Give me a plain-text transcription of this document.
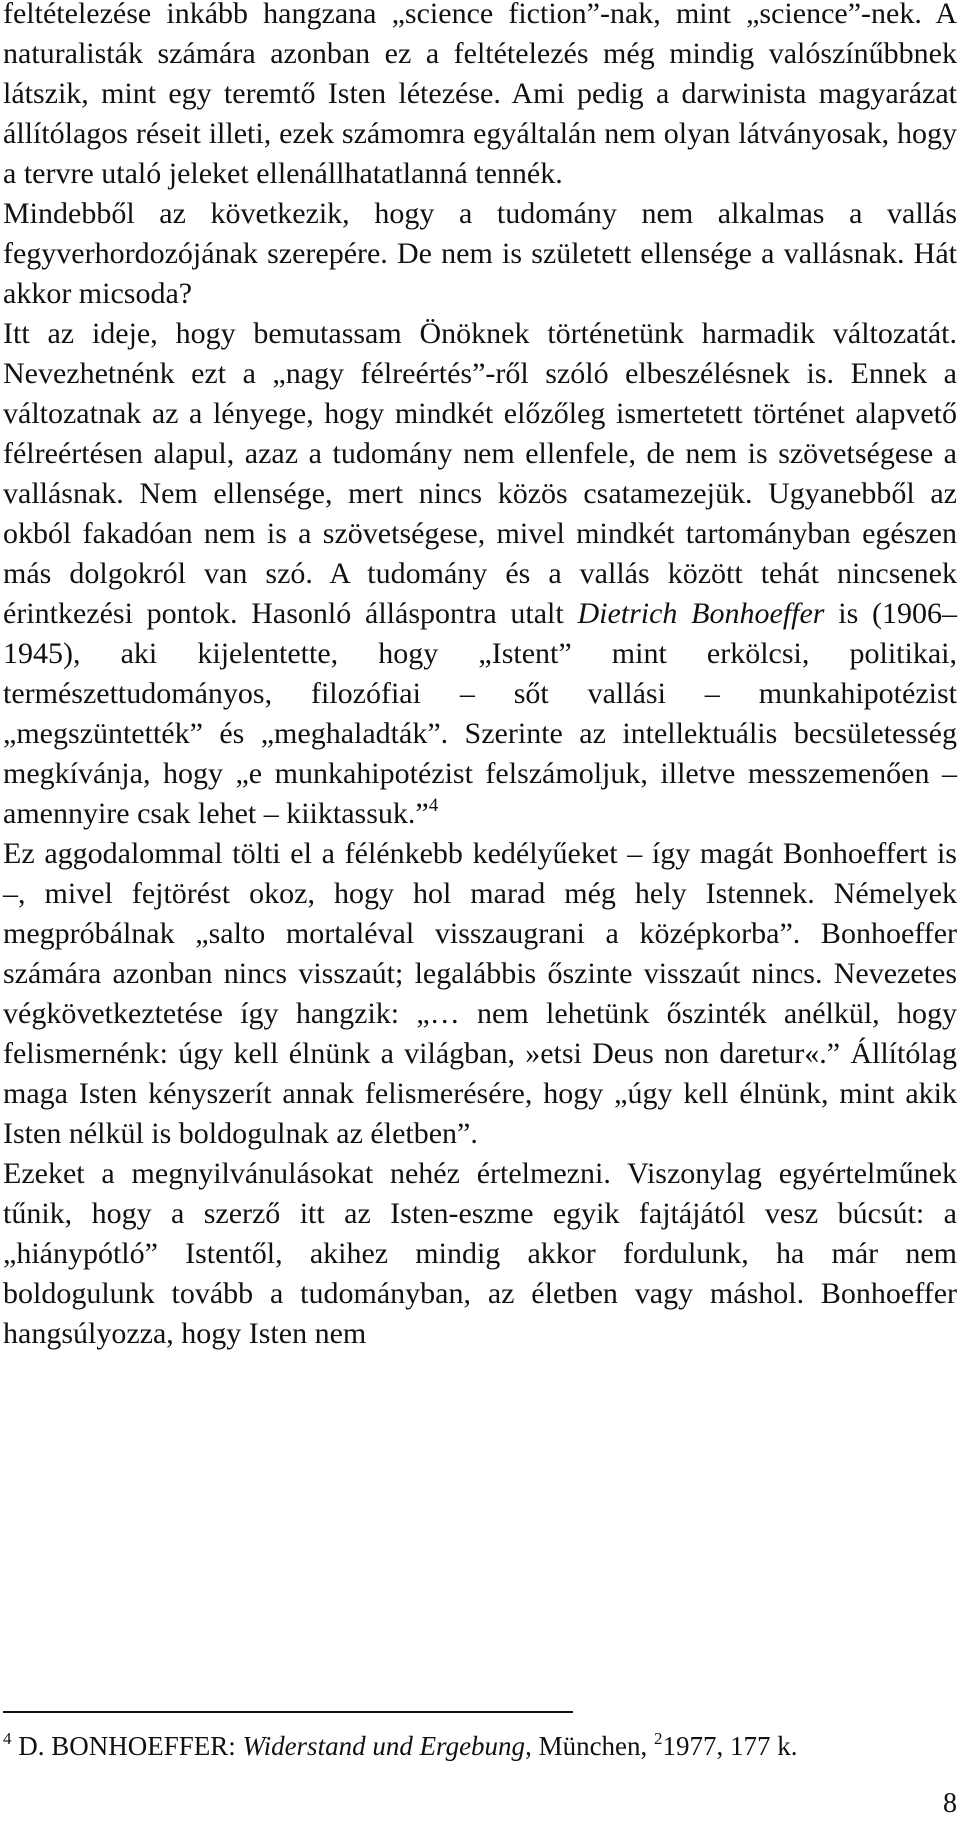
feltételezése inkább hangzana „science fiction”-nak, mint „science”-nek. A naturalisták számára azonban ez a feltételezés még mindig valószínűbbnek látszik, mint egy teremtő Isten létezése. Ami pedig a darwinista magyarázat állítólagos réseit illeti, ezek számomra egyáltalán nem olyan látványosak, hogy a tervre utaló jeleket ellenállhatatlanná tennék.

Mindebből az következik, hogy a tudomány nem alkalmas a vallás fegyverhordozójának szerepére. De nem is született ellensége a vallásnak. Hát akkor micsoda?

Itt az ideje, hogy bemutassam Önöknek történetünk harmadik változatát. Nevezhetnénk ezt a „nagy félreértés”-ről szóló elbeszélésnek is. Ennek a változatnak az a lényege, hogy mindkét előzőleg ismertetett történet alapvető félreértésen alapul, azaz a tudomány nem ellenfele, de nem is szövetségese a vallásnak. Nem ellensége, mert nincs közös csatamezejük. Ugyanebből az okból fakadóan nem is a szövetségese, mivel mindkét tartományban egészen más dolgokról van szó. A tudomány és a vallás között tehát nincsenek érintkezési pontok. Hasonló álláspontra utalt Dietrich Bonhoeffer is (1906–1945), aki kijelentette, hogy „Istent” mint erkölcsi, politikai, természettudományos, filozófiai – sőt vallási – munkahipotézist „megszüntették” és „meghaladták”. Szerinte az intellektuális becsületesség megkívánja, hogy „e munkahipotézist felszámoljuk, illetve messzemenően – amennyire csak lehet – kiiktassuk.”$^4$

Ez aggodalommal tölti el a félénkebb kedélyűeket – így magát Bonhoeffert is –, mivel fejtörést okoz, hogy hol marad még hely Istennek. Némelyek megpróbálnak „salto mortaléval visszaugrani a középkorba”. Bonhoeffer számára azonban nincs visszaút; legalábbis őszinte visszaút nincs. Nevezetes végkövetkeztetése így hangzik: „… nem lehetünk őszinték anélkül, hogy felismernénk: úgy kell élnünk a világban, »etsi Deus non daretur«.” Állítólag maga Isten kényszerít annak felismerésére, hogy „úgy kell élnünk, mint akik Isten nélkül is boldogulnak az életben”.

Ezeket a megnyilvánulásokat nehéz értelmezni. Viszonylag egyértelműnek tűnik, hogy a szerző itt az Isten-eszme egyik fajtájától vesz búcsút: a „hiánypótló” Istentől, akihez mindig akkor fordulunk, ha már nem boldogulunk tovább a tudományban, az életben vagy máshol. Bonhoeffer hangsúlyozza, hogy Isten nem

$^4$ D. BONHOEFFER: Widerstand und Ergebung, München, $^2$1977, 177 k.
8
